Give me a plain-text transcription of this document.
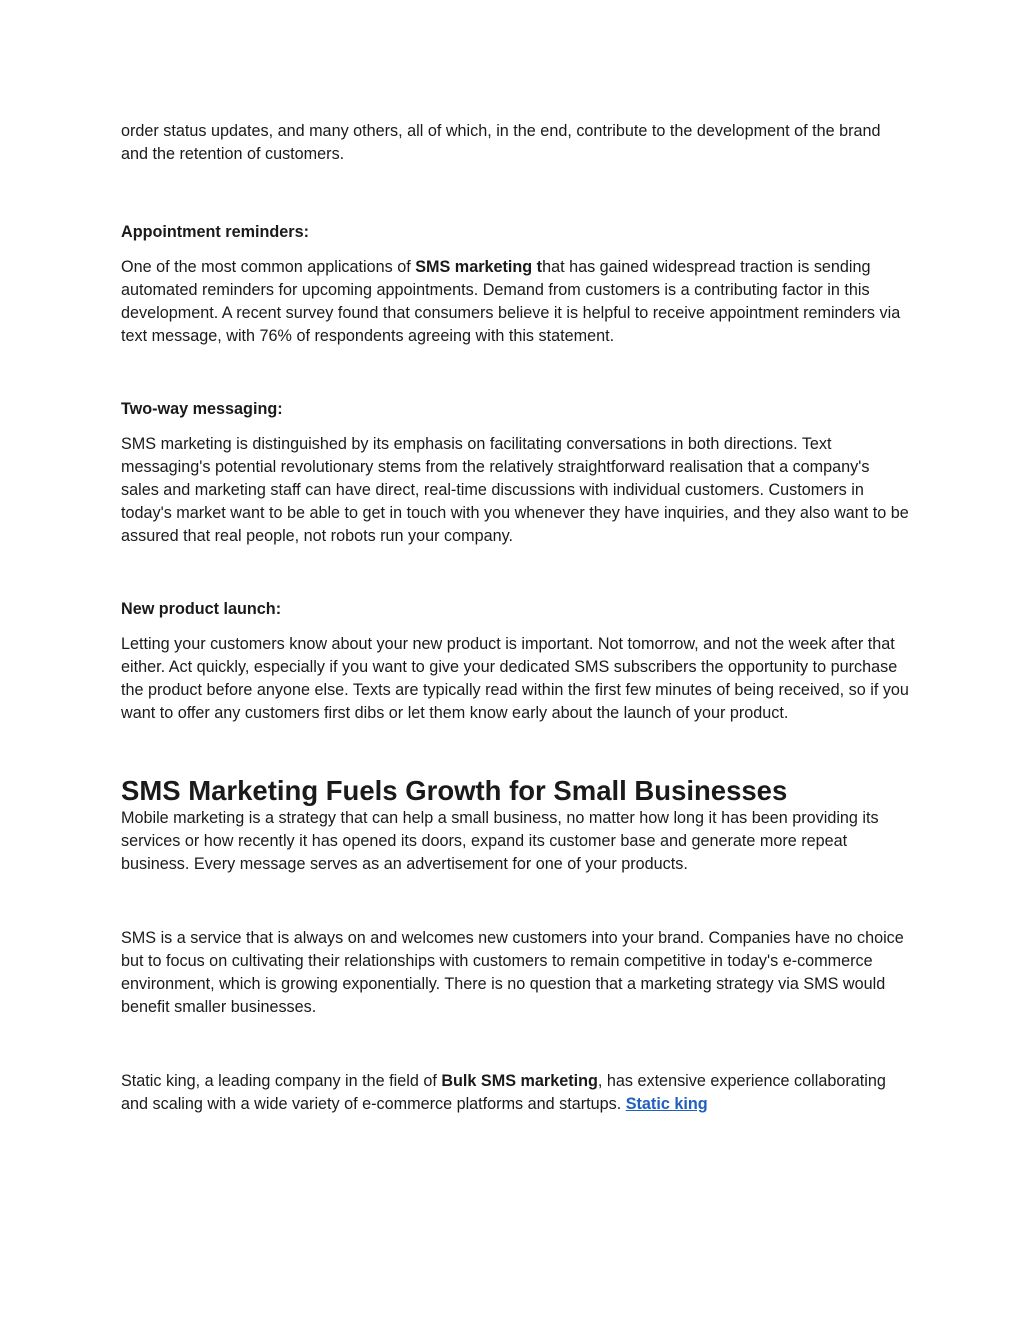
order status updates, and many others, all of which, in the end, contribute to the development of the brand and the retention of customers.

Appointment reminders:

One of the most common applications of SMS marketing that has gained widespread traction is sending automated reminders for upcoming appointments. Demand from customers is a contributing factor in this development. A recent survey found that consumers believe it is helpful to receive appointment reminders via text message, with 76% of respondents agreeing with this statement.

Two-way messaging:

SMS marketing is distinguished by its emphasis on facilitating conversations in both directions. Text messaging's potential revolutionary stems from the relatively straightforward realisation that a company's sales and marketing staff can have direct, real-time discussions with individual customers. Customers in today's market want to be able to get in touch with you whenever they have inquiries, and they also want to be assured that real people, not robots run your company.

New product launch:

Letting your customers know about your new product is important. Not tomorrow, and not the week after that either. Act quickly, especially if you want to give your dedicated SMS subscribers the opportunity to purchase the product before anyone else. Texts are typically read within the first few minutes of being received, so if you want to offer any customers first dibs or let them know early about the launch of your product.

SMS Marketing Fuels Growth for Small Businesses

Mobile marketing is a strategy that can help a small business, no matter how long it has been providing its services or how recently it has opened its doors, expand its customer base and generate more repeat business. Every message serves as an advertisement for one of your products.

SMS is a service that is always on and welcomes new customers into your brand. Companies have no choice but to focus on cultivating their relationships with customers to remain competitive in today's e-commerce environment, which is growing exponentially. There is no question that a marketing strategy via SMS would benefit smaller businesses.

Static king, a leading company in the field of Bulk SMS marketing, has extensive experience collaborating and scaling with a wide variety of e-commerce platforms and startups. Static king
